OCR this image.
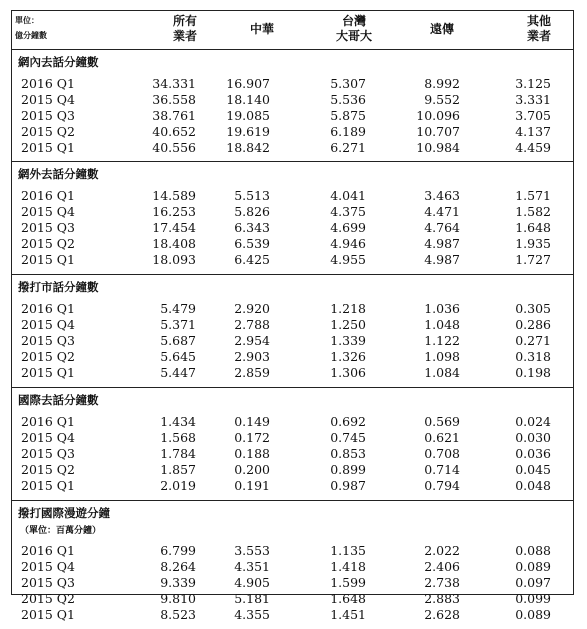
單位：
億分鐘數
所有
業者	中華
台灣
大哥大	遠傳
其他
業者
網內去話分鐘數
2016 Q1	34.331 16.907	5.307	8.992	3.125
2015 Q4	36.558 18.140	5.536	9.552	3.331
2015 Q3	38.761 19.085	5.875	10.096	3.705
2015 Q2	40.652 19.619	6.189	10.707	4.137
2015 Q1	40.556 18.842	6.271	10.984	4.459
網外去話分鐘數
2016 Q1	14.589	5.513	4.041	3.463	1.571
2015 Q4	16.253	5.826	4.375	4.471	1.582
2015 Q3	17.454	6.343	4.699	4.764	1.648
2015 Q2	18.408	6.539	4.946	4.987	1.935
2015 Q1	18.093	6.425	4.955	4.987	1.727
撥打市話分鐘數
2016 Q1	5.479	2.920	1.218	1.036	0.305
2015 Q4	5.371	2.788	1.250	1.048	0.286
2015 Q3	5.687	2.954	1.339	1.122	0.271
2015 Q2	5.645	2.903	1.326	1.098	0.318
2015 Q1	5.447	2.859	1.306	1.084	0.198
國際去話分鐘數
2016 Q1	1.434	0.149	0.692	0.569	0.024
2015 Q4	1.568	0.172	0.745	0.621	0.030
2015 Q3	1.784	0.188	0.853	0.708	0.036
2015 Q2	1.857	0.200	0.899	0.714	0.045
2015 Q1	2.019	0.191	0.987	0.794	0.048
撥打國際漫遊分鐘
（單位：百萬分鐘）
2016 Q1	6.799	3.553	1.135	2.022	0.088
2015 Q4	8.264	4.351	1.418	2.406	0.089
2015 Q3	9.339	4.905	1.599	2.738	0.097
2015 Q2	9.810	5.181	1.648	2.883	0.099
2015 Q1	8.523	4.355	1.451	2.628	0.089
